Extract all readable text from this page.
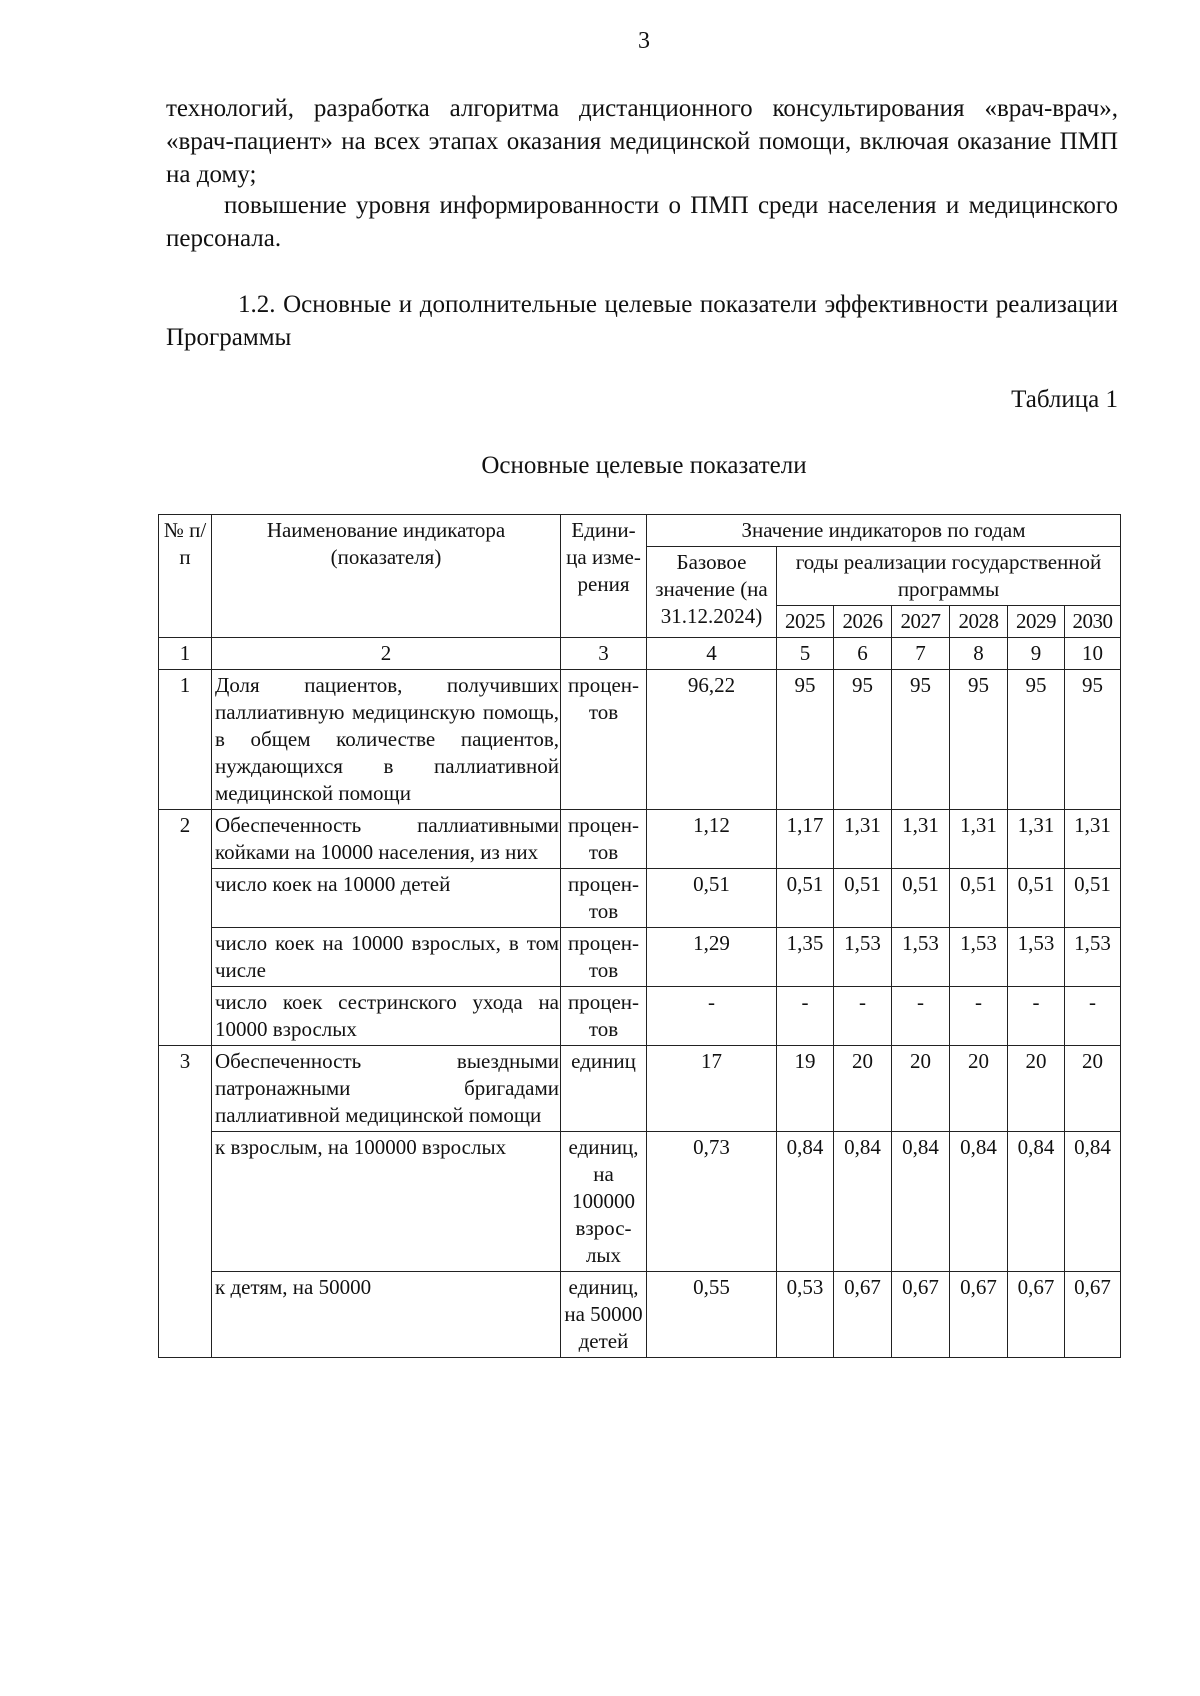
3
технологий, разработка алгоритма дистанционного консультирования «врач-врач», «врач-пациент» на всех этапах оказания медицинской помощи, включая оказание ПМП на дому;
повышение уровня информированности о ПМП среди населения и медицинского персонала.
1.2. Основные и дополнительные целевые показатели эффективности реализации Программы
Таблица 1
Основные целевые показатели
№ п/п	Наименование индикатора (показателя)	Едини-ца изме-рения	Значение индикаторов по годам						
			Базовое значение (на 31.12.2024)	годы реализации государственной программы					
				2025	2026	2027	2028	2029	2030
1	2	3	4	5	6	7	8	9	10
1	Доля пациентов, получивших паллиативную медицинскую помощь, в общем количестве пациентов, нуждающихся в паллиативной медицинской помощи	процен-тов	96,22	95	95	95	95	95	95
2	Обеспеченность паллиативными койками на 10000 населения, из них	процен-тов	1,12	1,17	1,31	1,31	1,31	1,31	1,31
	число коек на 10000 детей	процен-тов	0,51	0,51	0,51	0,51	0,51	0,51	0,51
	число коек на 10000 взрослых, в том числе	процен-тов	1,29	1,35	1,53	1,53	1,53	1,53	1,53
	число коек сестринского ухода на 10000 взрослых	процен-тов	-	-	-	-	-	-	-
3	Обеспеченность выездными патронажными бригадами паллиативной медицинской помощи	единиц	17	19	20	20	20	20	20
	к взрослым, на 100000 взрослых	единиц, на 100000 взрос-лых	0,73	0,84	0,84	0,84	0,84	0,84	0,84
	к детям, на 50000	единиц, на 50000 детей	0,55	0,53	0,67	0,67	0,67	0,67	0,67
